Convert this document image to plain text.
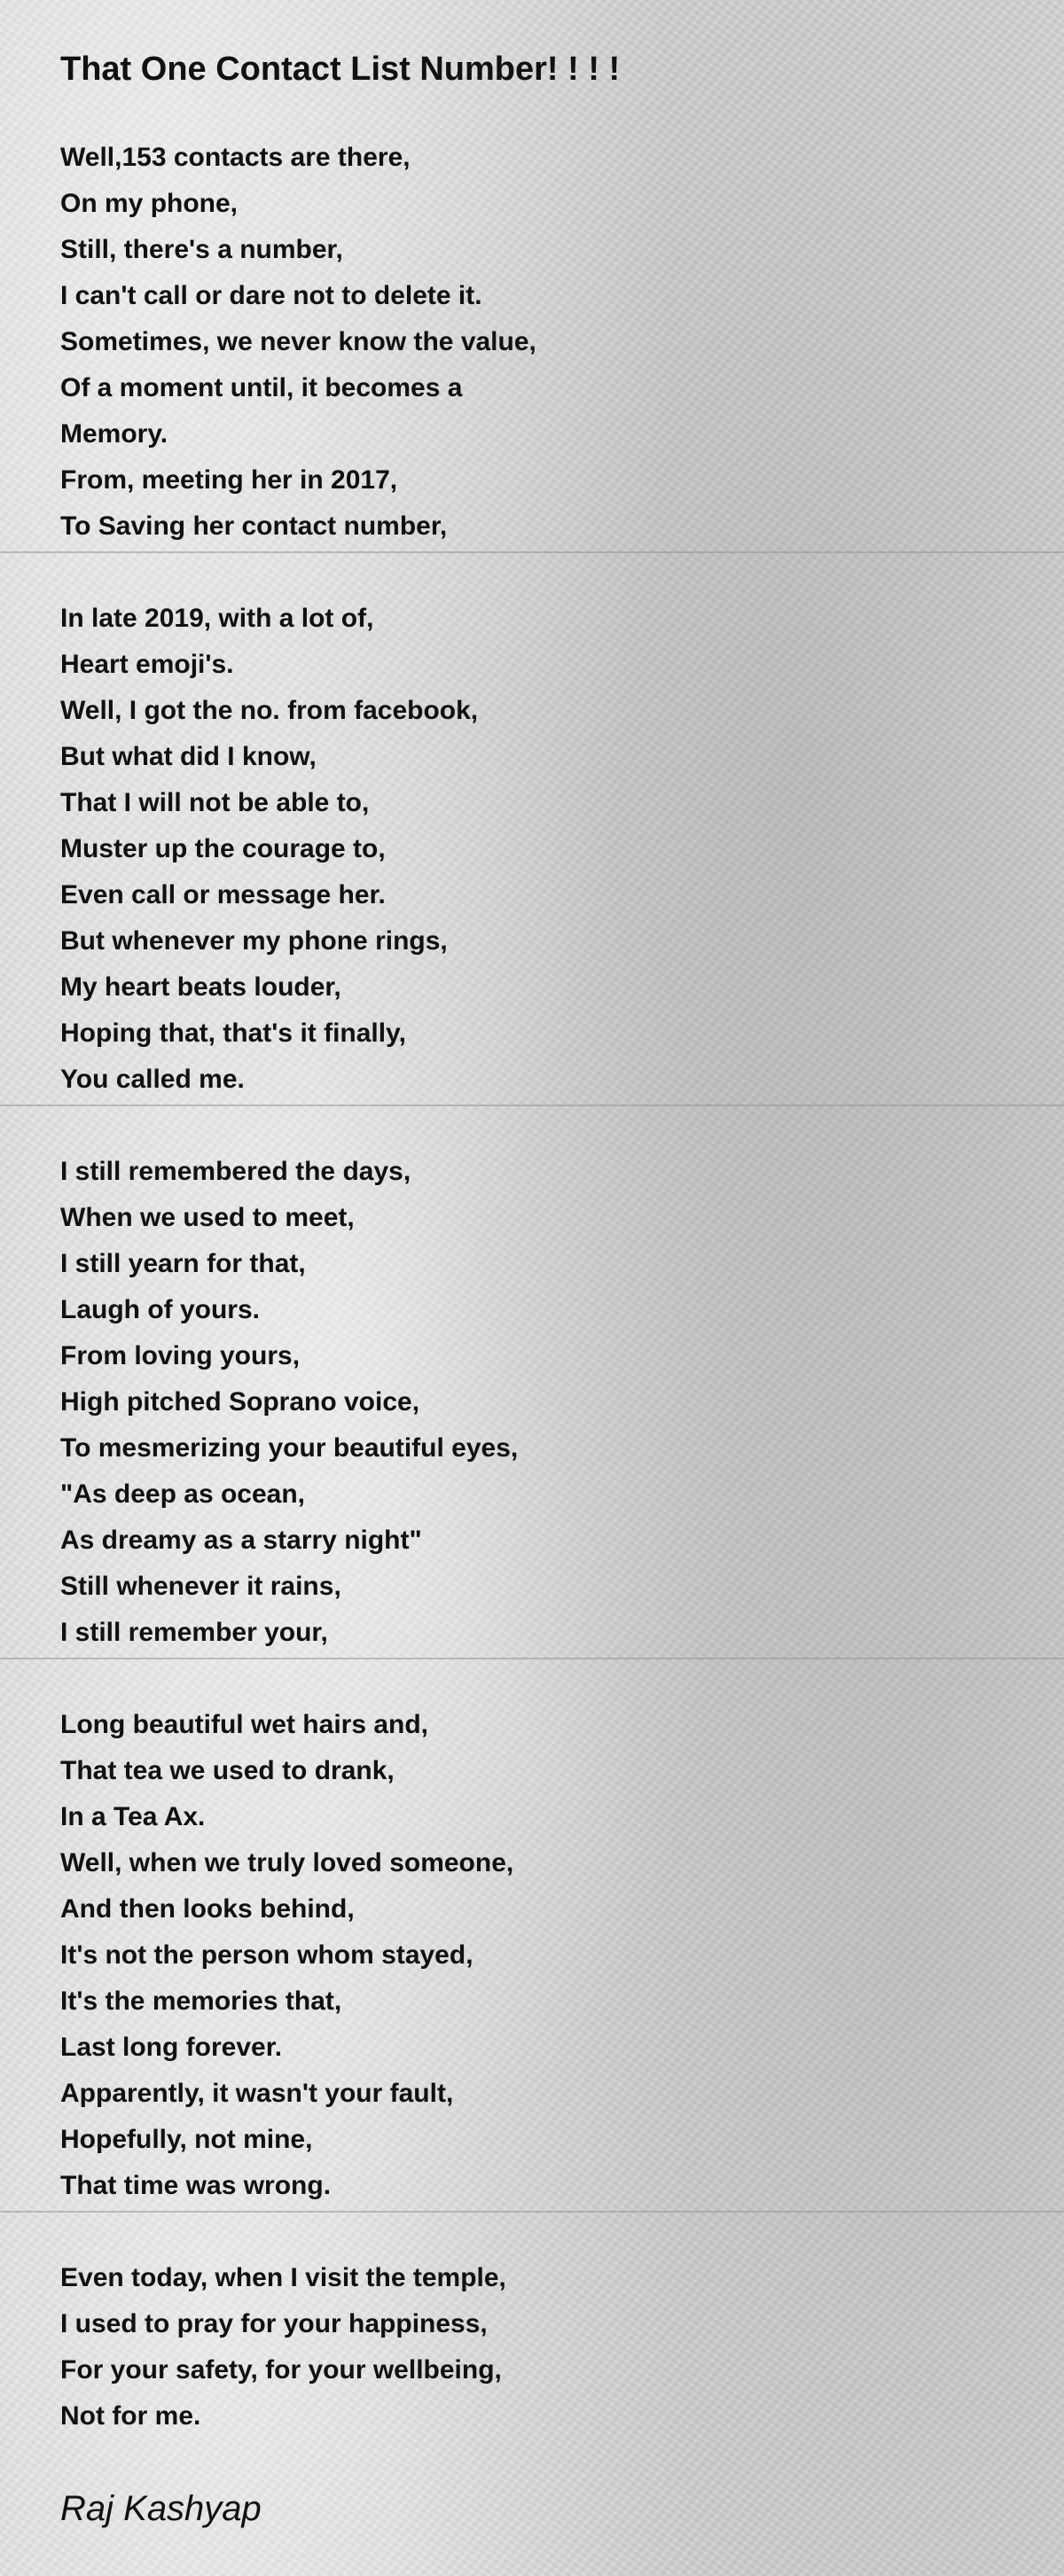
That One Contact List Number! ! ! !
Well,153 contacts are there,
On my phone,
Still, there's a number,
I can't call or dare not to delete it.
Sometimes, we never know the value,
Of a moment until, it becomes a
Memory.
From, meeting her in 2017,
To Saving her contact number,
In late 2019, with a lot of,
Heart emoji's.
Well, I got the no. from facebook,
But what did I know,
That I will not be able to,
Muster up the courage to,
Even call or message her.
But whenever my phone rings,
My heart beats louder,
Hoping that, that's it finally,
You called me.
I still remembered the days,
When we used to meet,
I still yearn for that,
Laugh of yours.
From loving yours,
High pitched Soprano voice,
To mesmerizing your beautiful eyes,
"As deep as ocean,
As dreamy as a starry night"
Still whenever it rains,
I still remember your,
Long beautiful wet hairs and,
That tea we used to drank,
In a Tea Ax.
Well, when we truly loved someone,
And then looks behind,
It's not the person whom stayed,
It's the memories that,
Last long forever.
Apparently, it wasn't your fault,
Hopefully, not mine,
That time was wrong.
Even today, when I visit the temple,
I used to pray for your happiness,
For your safety, for your wellbeing,
Not for me.

Raj Kashyap
